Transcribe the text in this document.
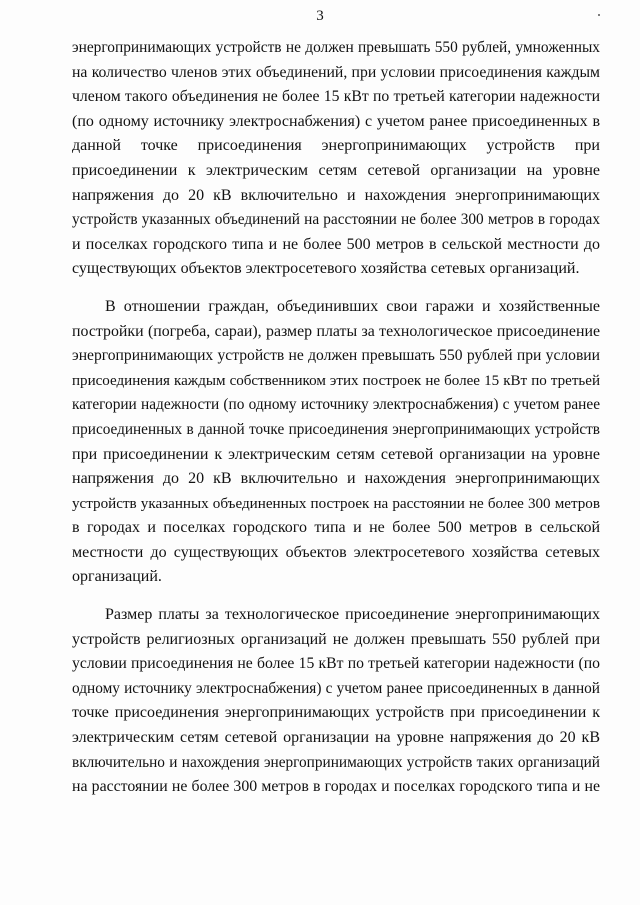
3
энергопринимающих устройств не должен превышать 550 рублей, умноженных
на количество членов этих объединений, при условии присоединения каждым
членом такого объединения не более 15 кВт по третьей категории надежности
(по одному источнику электроснабжения) с учетом ранее присоединенных в
данной точке присоединения энергопринимающих устройств при
присоединении к электрическим сетям сетевой организации на уровне
напряжения до 20 кВ включительно и нахождения энергопринимающих
устройств указанных объединений на расстоянии не более 300 метров в городах
и поселках городского типа и не более 500 метров в сельской местности до
существующих объектов электросетевого хозяйства сетевых организаций.
В отношении граждан, объединивших свои гаражи и хозяйственные
постройки (погреба, сараи), размер платы за технологическое присоединение
энергопринимающих устройств не должен превышать 550 рублей при условии
присоединения каждым собственником этих построек не более 15 кВт по третьей
категории надежности (по одному источнику электроснабжения) с учетом ранее
присоединенных в данной точке присоединения энергопринимающих устройств
при присоединении к электрическим сетям сетевой организации на уровне
напряжения до 20 кВ включительно и нахождения энергопринимающих
устройств указанных объединенных построек на расстоянии не более 300 метров
в городах и поселках городского типа и не более 500 метров в сельской
местности до существующих объектов электросетевого хозяйства сетевых
организаций.
Размер платы за технологическое присоединение энергопринимающих
устройств религиозных организаций не должен превышать 550 рублей при
условии присоединения не более 15 кВт по третьей категории надежности (по
одному источнику электроснабжения) с учетом ранее присоединенных в данной
точке присоединения энергопринимающих устройств при присоединении к
электрическим сетям сетевой организации на уровне напряжения до 20 кВ
включительно и нахождения энергопринимающих устройств таких организаций
на расстоянии не более 300 метров в городах и поселках городского типа и не
